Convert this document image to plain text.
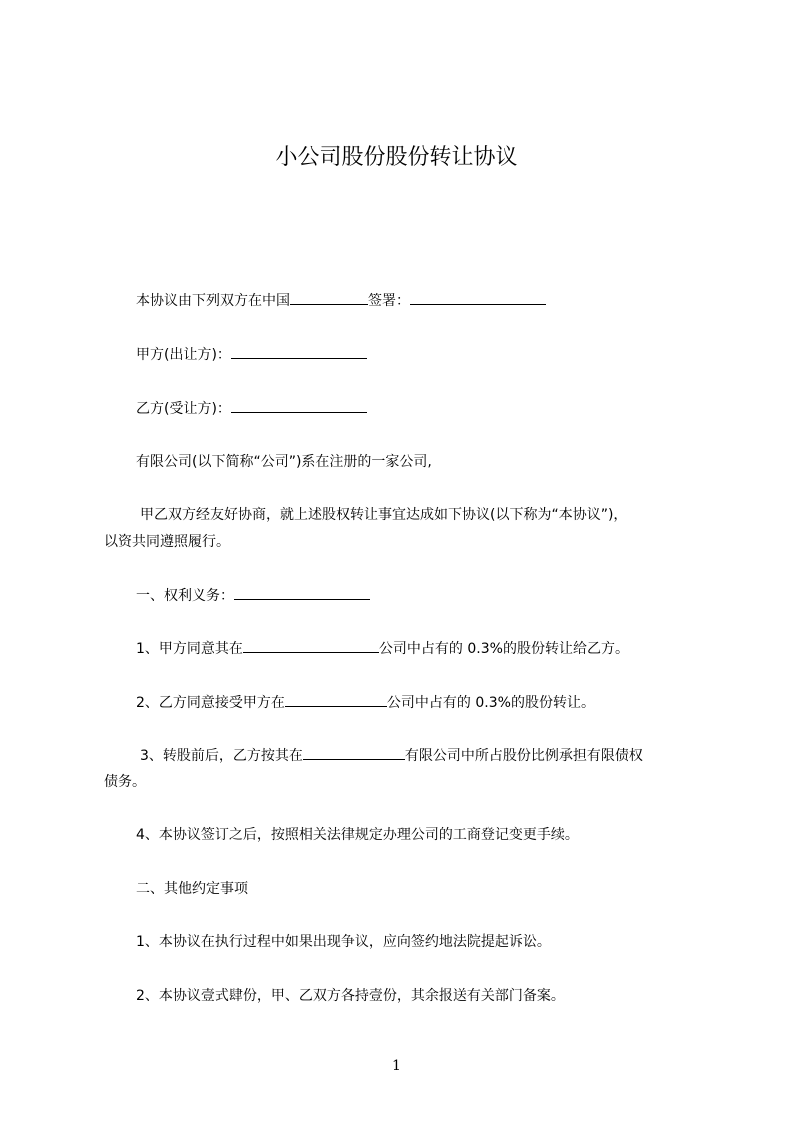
小公司股份股份转让协议
本协议由下列双方在中国	签署：
甲方(出让方)：
乙方(受让方)：
有限公司(以下简称“公司”)系在注册的一家公司,
甲乙双方经友好协商，就上述股权转让事宜达成如下协议(以下称为“本协议”)，
以资共同遵照履行。
一、权利义务：
1、甲方同意其在	公司中占有的 0.3%的股份转让给乙方。
2、乙方同意接受甲方在	公司中占有的 0.3%的股份转让。
3、转股前后，乙方按其在	有限公司中所占股份比例承担有限债权
债务。
4、本协议签订之后，按照相关法律规定办理公司的工商登记变更手续。
二、其他约定事项
1、本协议在执行过程中如果出现争议，应向签约地法院提起诉讼。
2、本协议壹式肆份，甲、乙双方各持壹份，其余报送有关部门备案。
1
